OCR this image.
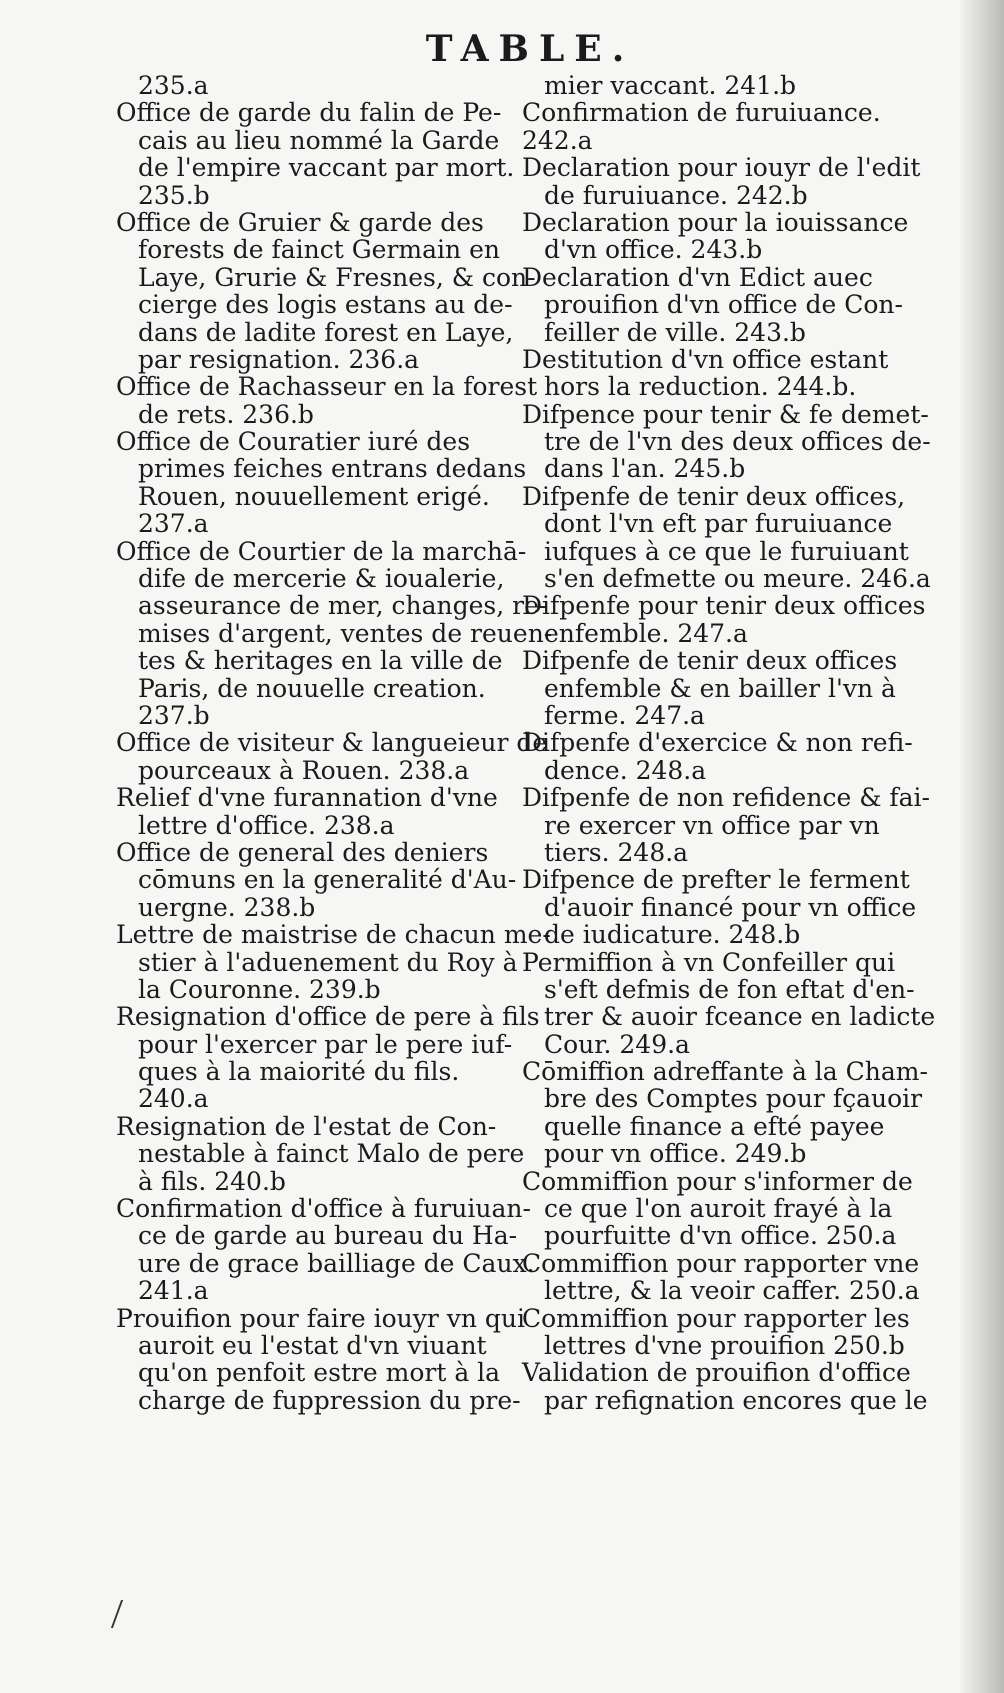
TABLE.
235.a
Office de garde du falin de Pe-
cais au lieu nommé la Garde
de l'empire vaccant par mort.
235.b
Office de Gruier & garde des
forests de fainct Germain en
Laye, Grurie & Fresnes, & con-
cierge des logis estans au de-
dans de ladite forest en Laye,
par resignation. 236.a
Office de Rachasseur en la forest
de rets. 236.b
Office de Couratier iuré des
primes feiches entrans dedans
Rouen, nouuellement erigé.
237.a
Office de Courtier de la marchā-
dife de mercerie & ioualerie,
asseurance de mer, changes, re-
mises d'argent, ventes de reuen-
tes & heritages en la ville de
Paris, de nouuelle creation.
237.b
Office de visiteur & langueieur de
pourceaux à Rouen. 238.a
Relief d'vne furannation d'vne
lettre d'office. 238.a
Office de general des deniers
cōmuns en la generalité d'Au-
uergne. 238.b
Lettre de maistrise de chacun me-
stier à l'aduenement du Roy à
la Couronne. 239.b
Resignation d'office de pere à fils
pour l'exercer par le pere iuf-
ques à la maiorité du fils.
240.a
Resignation de l'estat de Con-
nestable à fainct Malo de pere
à fils. 240.b
Confirmation d'office à furuiuan-
ce de garde au bureau du Ha-
ure de grace bailliage de Caux.
241.a
Prouifion pour faire iouyr vn qui
auroit eu l'estat d'vn viuant
qu'on penfoit estre mort à la
charge de fuppression du pre-
mier vaccant. 241.b
Confirmation de furuiuance.
242.a
Declaration pour iouyr de l'edit
de furuiuance. 242.b
Declaration pour la iouissance
d'vn office. 243.b
Declaration d'vn Edict auec
prouifion d'vn office de Con-
feiller de ville. 243.b
Destitution d'vn office estant
hors la reduction. 244.b.
Difpence pour tenir & fe demet-
tre de l'vn des deux offices de-
dans l'an. 245.b
Difpenfe de tenir deux offices,
dont l'vn eft par furuiuance
iufques à ce que le furuiuant
s'en defmette ou meure. 246.a
Difpenfe pour tenir deux offices
enfemble. 247.a
Difpenfe de tenir deux offices
enfemble & en bailler l'vn à
ferme. 247.a
Difpenfe d'exercice & non refi-
dence. 248.a
Difpenfe de non refidence & fai-
re exercer vn office par vn
tiers. 248.a
Difpence de prefter le ferment
d'auoir financé pour vn office
de iudicature. 248.b
Permiffion à vn Confeiller qui
s'eft defmis de fon eftat d'en-
trer & auoir fceance en ladicte
Cour. 249.a
Cōmiffion adreffante à la Cham-
bre des Comptes pour fçauoir
quelle finance a efté payee
pour vn office. 249.b
Commiffion pour s'informer de
ce que l'on auroit frayé à la
pourfuitte d'vn office. 250.a
Commiffion pour rapporter vne
lettre, & la veoir caffer. 250.a
Commiffion pour rapporter les
lettres d'vne prouifion 250.b
Validation de prouifion d'office
par refignation encores que le
